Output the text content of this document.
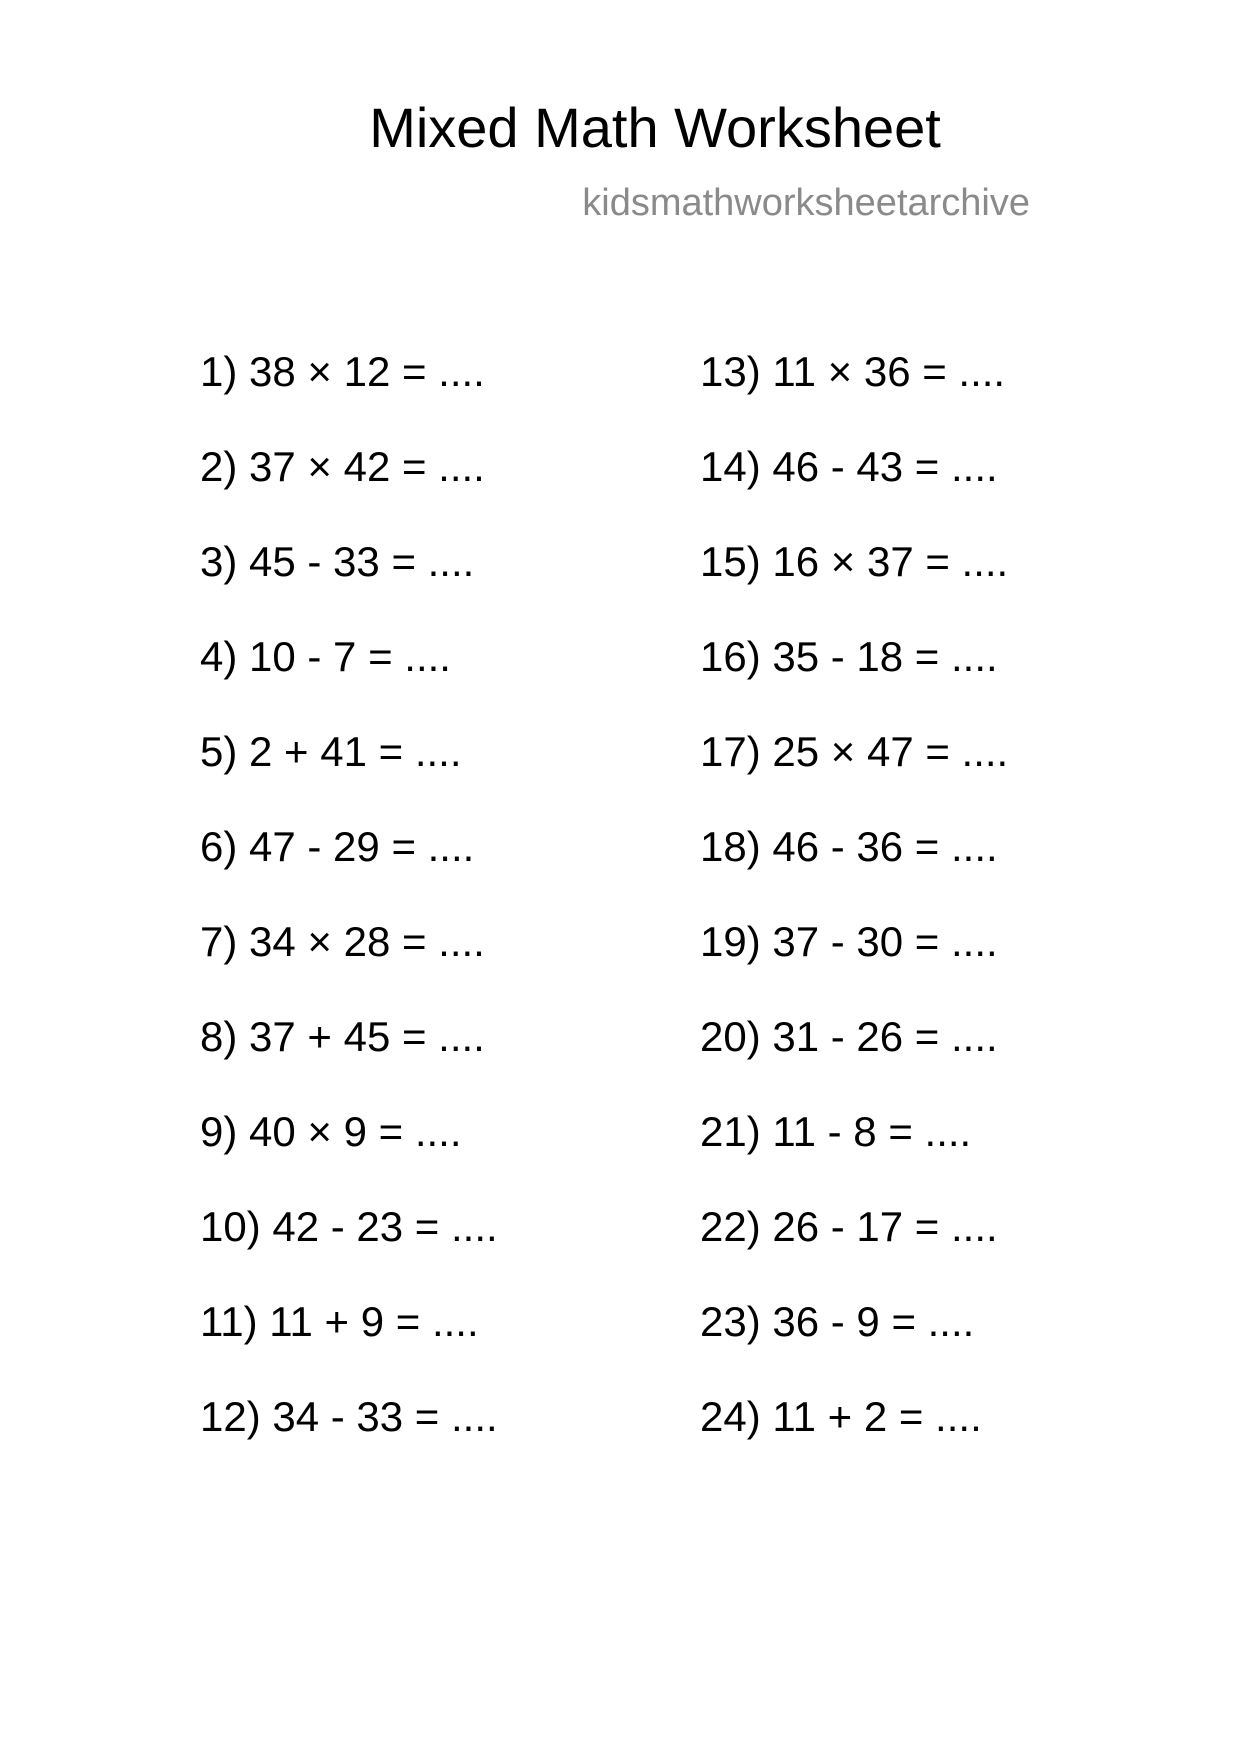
Mixed Math Worksheet
kidsmathworksheetarchive
1) 38 × 12 = ....
2) 37 × 42 = ....
3) 45 - 33 = ....
4) 10 - 7 = ....
5) 2 + 41 = ....
6) 47 - 29 = ....
7) 34 × 28 = ....
8) 37 + 45 = ....
9) 40 × 9 = ....
10) 42 - 23 = ....
11) 11 + 9 = ....
12) 34 - 33 = ....
13) 11 × 36 = ....
14) 46 - 43 = ....
15) 16 × 37 = ....
16) 35 - 18 = ....
17) 25 × 47 = ....
18) 46 - 36 = ....
19) 37 - 30 = ....
20) 31 - 26 = ....
21) 11 - 8 = ....
22) 26 - 17 = ....
23) 36 - 9 = ....
24) 11 + 2 = ....
